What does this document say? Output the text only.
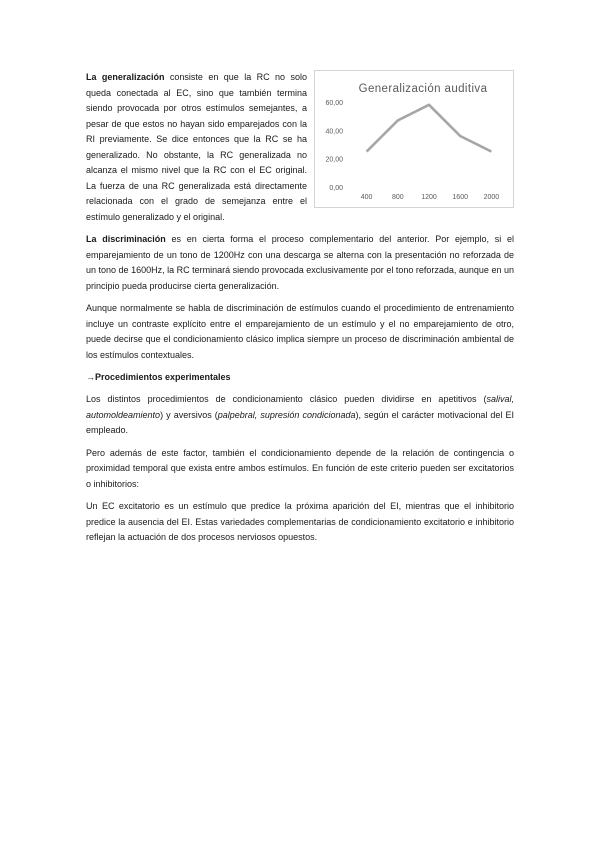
Generalización auditiva
0,00
20,00
40,00
60,00
400	800	1200 1600 2000

La generalización consiste en que la RC no solo queda conectada al EC, sino que también termina siendo provocada por otros estímulos semejantes, a pesar de que estos no hayan sido emparejados con la RI previamente. Se dice entonces que la RC se ha generalizado. No obstante, la RC generalizada no alcanza el mismo nivel que la RC con el EC original. La fuerza de una RC generalizada está directamente relacionada con el grado de semejanza entre el estímulo generalizado y el original.

La discriminación es en cierta forma el proceso complementario del anterior. Por ejemplo, si el emparejamiento de un tono de 1200Hz con una descarga se alterna con la presentación no reforzada de un tono de 1600Hz, la RC terminará siendo provocada exclusivamente por el tono reforzada, aunque en un principio pueda producirse cierta generalización.

Aunque normalmente se habla de discriminación de estímulos cuando el procedimiento de entrenamiento incluye un contraste explícito entre el emparejamiento de un estímulo y el no emparejamiento de otro, puede decirse que el condicionamiento clásico implica siempre un proceso de discriminación ambiental de los estímulos contextuales.

→Procedimientos experimentales

Los distintos procedimientos de condicionamiento clásico pueden dividirse en apetitivos (salival, automoldeamiento) y aversivos (palpebral, supresión condicionada), según el carácter motivacional del EI empleado.

Pero además de este factor, también el condicionamiento depende de la relación de contingencia o proximidad temporal que exista entre ambos estímulos. En función de este criterio pueden ser excitatorios o inhibitorios:

Un EC excitatorio es un estímulo que predice la próxima aparición del EI, mientras que el inhibitorio predice la ausencia del EI. Estas variedades complementarias de condicionamiento excitatorio e inhibitorio reflejan la actuación de dos procesos nerviosos opuestos.
